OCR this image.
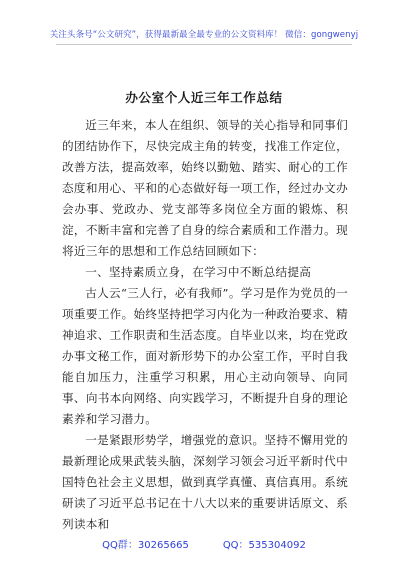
关注头条号“公文研究”，获得最新最全最专业的公文资料库！ 微信：gongwenyj
办公室个人近三年工作总结

近三年来，本人在组织、领导的关心指导和同事们的团结协作下，尽快完成主角的转变，找准工作定位，改善方法，提高效率，始终以勤勉、踏实、耐心的工作态度和用心、平和的心态做好每一项工作，经过办文办会办事、党政办、党支部等多岗位全方面的锻炼、积淀，不断丰富和完善了自身的综合素质和工作潜力。现将近三年的思想和工作总结回顾如下：

一、坚持素质立身，在学习中不断总结提高

古人云“三人行，必有我师”。学习是作为党员的一项重要工作。始终坚持把学习内化为一种政治要求、精神追求、工作职责和生活态度。自毕业以来，均在党政办事文秘工作，面对新形势下的办公室工作，平时自我能自加压力，注重学习积累，用心主动向领导、向同事、向书本向网络、向实践学习，不断提升自身的理论素养和学习潜力。

一是紧跟形势学，增强党的意识。坚持不懈用党的最新理论成果武装头脑，深刻学习领会习近平新时代中国特色社会主义思想，做到真学真懂、真信真用。系统研读了习近平总书记在十八大以来的重要讲话原文、系列读本和

QQ群：30265665	QQ：535304092
